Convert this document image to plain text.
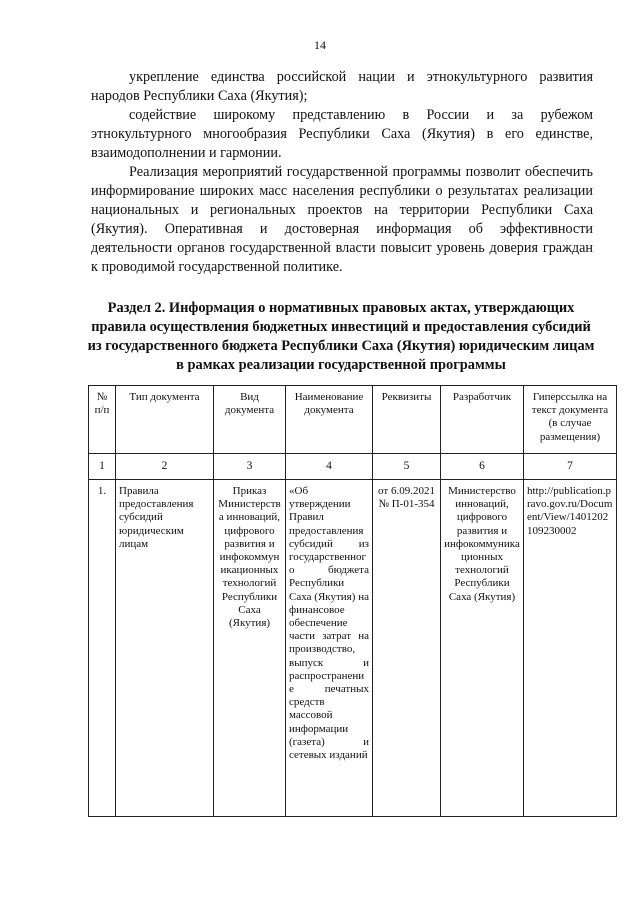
14

укрепление единства российской нации и этнокультурного развития народов Республики Саха (Якутия);

содействие широкому представлению в России и за рубежом этнокультурного многообразия Республики Саха (Якутия) в его единстве, взаимодополнении и гармонии.

Реализация мероприятий государственной программы позволит обеспечить информирование широких масс населения республики о результатах реализации национальных и региональных проектов на территории Республики Саха (Якутия). Оперативная и достоверная информация об эффективности деятельности органов государственной власти повысит уровень доверия граждан к проводимой государственной политике.

Раздел 2. Информация о нормативных правовых актах, утверждающих правила осуществления бюджетных инвестиций и предоставления субсидий из государственного бюджета Республики Саха (Якутия) юридическим лицам в рамках реализации государственной программы
№ п/п	Тип документа	Вид документа	Наименование документа	Реквизиты	Разработчик	Гиперссылка на текст документа (в случае размещения)
1	2	3	4	5	6	7
1.	Правила предоставления субсидий юридическим лицам	Приказ Министерства инноваций, цифрового развития и инфокоммуникационных технологий Республики Саха (Якутия)	«Об утверждении Правил предоставления субсидий из государственного бюджета Республики Саха (Якутия) на финансовое обеспечение части затрат на производство, выпуск и распространение печатных средств массовой информации (газета) и сетевых изданий	от 6.09.2021 № П-01-354	Министерство инноваций, цифрового развития и инфокоммуникационных технологий Республики Саха (Якутия)	http://publication.pravo.gov.ru/Document/View/1401202109230002
